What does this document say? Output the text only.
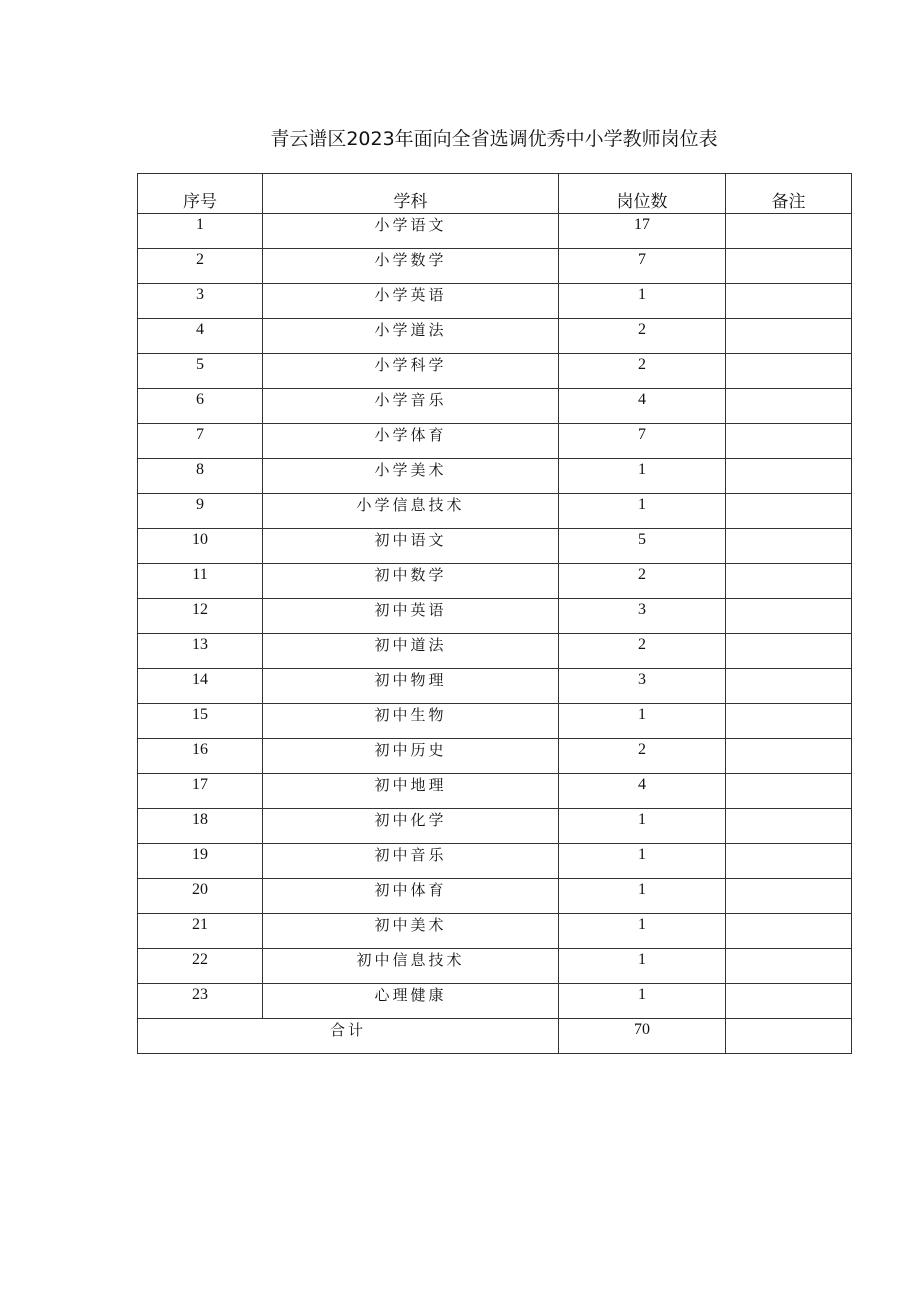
青云谱区2023年面向全省选调优秀中小学教师岗位表
序号	学科	岗位数	备注
1	小学语文	17	
2	小学数学	7	
3	小学英语	1	
4	小学道法	2	
5	小学科学	2	
6	小学音乐	4	
7	小学体育	7	
8	小学美术	1	
9	小学信息技术	1	
10	初中语文	5	
11	初中数学	2	
12	初中英语	3	
13	初中道法	2	
14	初中物理	3	
15	初中生物	1	
16	初中历史	2	
17	初中地理	4	
18	初中化学	1	
19	初中音乐	1	
20	初中体育	1	
21	初中美术	1	
22	初中信息技术	1	
23	心理健康	1	
合计		70	
